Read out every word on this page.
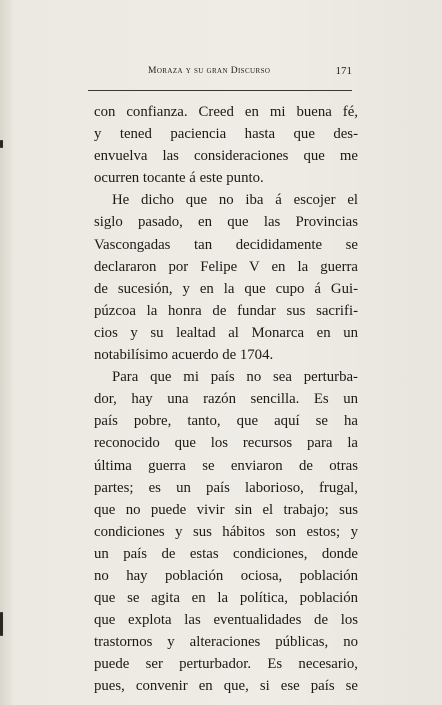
Moraza y su gran Discurso	171
con confianza. Creed en mi buena fé,
y tened paciencia hasta que des-
envuelva las consideraciones que me
ocurren tocante á este punto.
He dicho que no iba á escojer el
siglo pasado, en que las Provincias
Vascongadas tan decididamente se
declararon por Felipe V en la guerra
de sucesión, y en la que cupo á Gui-
púzcoa la honra de fundar sus sacrifi-
cios y su lealtad al Monarca en un
notabilísimo acuerdo de 1704.
Para que mi país no sea perturba-
dor, hay una razón sencilla. Es un
país pobre, tanto, que aquí se ha
reconocido que los recursos para la
última guerra se enviaron de otras
partes; es un país laborioso, frugal,
que no puede vivir sin el trabajo; sus
condiciones y sus hábitos son estos; y
un país de estas condiciones, donde
no hay población ociosa, población
que se agita en la política, población
que explota las eventualidades de los
trastornos y alteraciones públicas, no
puede ser perturbador. Es necesario,
pues, convenir en que, si ese país se
